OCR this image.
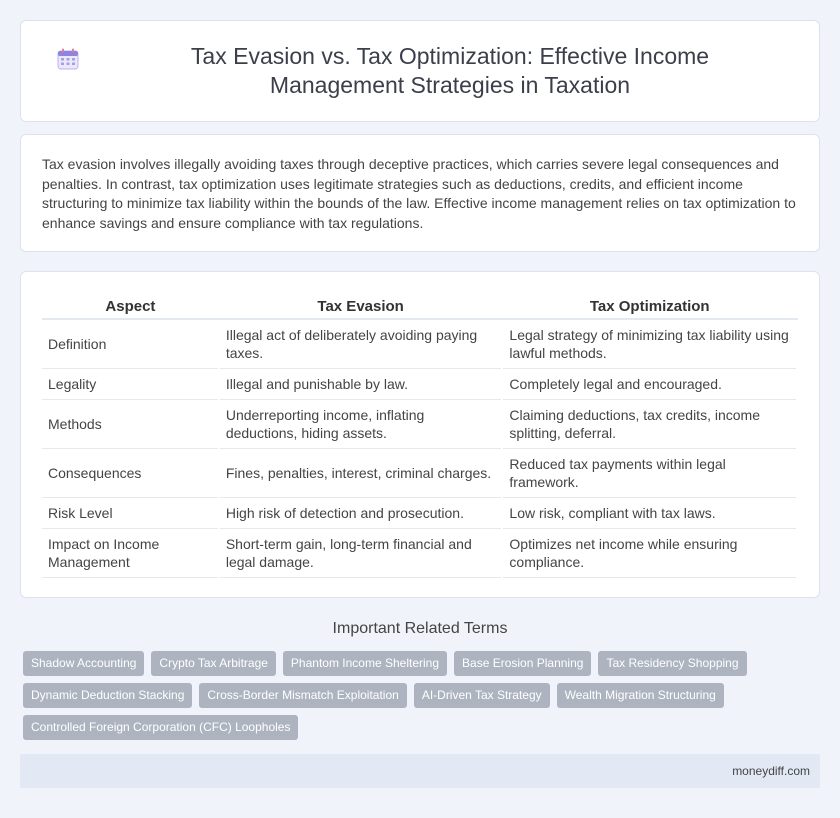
Tax Evasion vs. Tax Optimization: Effective Income Management Strategies in Taxation

Tax evasion involves illegally avoiding taxes through deceptive practices, which carries severe legal consequences and penalties. In contrast, tax optimization uses legitimate strategies such as deductions, credits, and efficient income structuring to minimize tax liability within the bounds of the law. Effective income management relies on tax optimization to enhance savings and ensure compliance with tax regulations.

Aspect	Tax Evasion	Tax Optimization
Definition	Illegal act of deliberately avoiding paying taxes.	Legal strategy of minimizing tax liability using lawful methods.
Legality	Illegal and punishable by law.	Completely legal and encouraged.
Methods	Underreporting income, inflating deductions, hiding assets.	Claiming deductions, tax credits, income splitting, deferral.
Consequences	Fines, penalties, interest, criminal charges.	Reduced tax payments within legal framework.
Risk Level	High risk of detection and prosecution.	Low risk, compliant with tax laws.
Impact on Income Management	Short-term gain, long-term financial and legal damage.	Optimizes net income while ensuring compliance.
Important Related Terms
Shadow Accounting	Crypto Tax Arbitrage	Phantom Income Sheltering	Base Erosion Planning	Tax Residency Shopping
Dynamic Deduction Stacking	Cross-Border Mismatch Exploitation	AI-Driven Tax Strategy	Wealth Migration Structuring
Controlled Foreign Corporation (CFC) Loopholes
moneydiff.com
